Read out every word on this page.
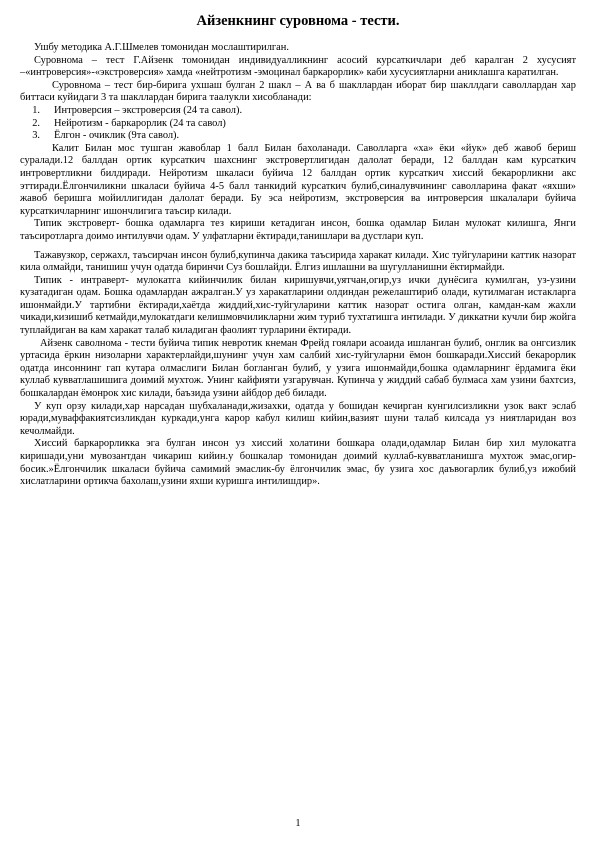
Айзенкнинг суровнома - тести.

Ушбу методика А.Г.Шмелев томонидан мослаштирилган.

Суровнома – тест Г.Айзенк томонидан индивидуалликнинг асосий курсаткичлари деб каралган 2 хусусият –«интроверсия»-«экстроверсия» хамда «нейтротизм -эмоцинал баркарорлик» каби хусусиятларни аниклашга каратилган.

Суровнома – тест бир-бирига ухшаш булган 2 шакл – А ва б шакллардан иборат бир шакллдаги саволлардан хар биттаси куйидаги 3 та шакллардан бирига таалукли хисобланади:

1.	Интроверсия – экстроверсия (24 та савол).
2.	Нейротизм - баркарорлик (24 та савол)
3.	Ёлгон - очиклик (9та савол).

Калит Билан мос тушган жавоблар 1 балл Билан бахоланади. Саволларга «ха» ёки «йук» деб жавоб бериш суралади.12 баллдан ортик курсаткич шахснинг экстровертлигидан далолат беради, 12 баллдан кам курсаткич интровертликни билдиради. Нейротизм шкаласи буйича 12 баллдан ортик курсаткич хиссий бекарорликни акс эттиради.Ёлгончиликни шкаласи буйича 4-5 балл танкидий курсаткич булиб,синалувчининг саволларина факат «яхши» жавоб беришга мойиллигидан далолат беради. Бу эса нейротизм, экстроверсия ва интроверсия шкалалари буйича курсаткичларнинг ишончлигига таъсир килади.

Типик экстроверт- бошка одамларга тез кириши кетадиган инсон, бошка одамлар Билан мулокат килишга, Янги таъсиротларга доимо интилувчи одам. У улфатларни ёктиради,танишлари ва дустлари куп.

Тажавузкор, сержахл, таъсирчан инсон булиб,купинча дакика таъсирида харакат килади. Хис туйгуларини каттик назорат кила олмайди, танишиш учун одатда биринчи Суз бошлайди. Ёлгиз ишлашни ва шугулланишни ёктирмайди.

Типик - интраверт- мулокатга кийинчилик билан киришувчи,уятчан,огир,уз ички дунёсига кумилган, уз-узини кузатадиган одам. Бошка одамлардан ажралган.У уз харакатларини олдиндан режелаштириб олади, кутилмаган истакларга ишонмайди.У тартибни ёктиради,хаётда жиддий,хис-туйгуларини каттик назорат остига олган, камдан-кам жахли чикади,кизишиб кетмайди,мулокатдаги келишмовчиликларни жим туриб тухтатишга интилади. У диккатни кучли бир жойга туплайдиган ва кам харакат талаб киладиган фаолият турларини ёктиради.

Айзенк саволнома - тести буйича типик невротик кнеман Фрейд гоялари асоаида ишланган булиб, онглик ва онгсизлик уртасида ёркин низоларни характерлайди,шунинг учун хам салбий хис-туйгуларни ёмон бошкаради.Хиссий бекарорлик одатда инсоннинг гап кутара олмаслиги Билан богланган булиб, у узига ишонмайди,бошка одамларнинг ёрдамига ёки куллаб кувватлашишига доимий мухтож. Унинг кайфияти узгарувчан. Купинча у жиддий сабаб булмаса хам узини бахтсиз, бошкалардан ёмонрок хис килади, баъзида узини айбдор деб билади.

У куп орзу килади,хар нарсадан шубхаланади,жизахки, одатда у бошидан кечирган кунгилсизликни узок вакт эслаб юради,муваффакиятсизликдан куркади,унга карор кабул килиш кийин,вазият шуни талаб килсада уз ниятларидан воз кечолмайди.

Хиссий баркарорликка эга булган инсон уз хиссий холатини бошкара олади,одамлар Билан бир хил мулокатга киришади,уни мувозантдан чикариш кийин.у бошкалар томонидан доимий куллаб-кувватланишга мухтож эмас,огир-босик.»Ёлгончилик шкаласи буйича самимий эмаслик-бу ёлгончилик эмас, бу узига хос даъвогарлик булиб,уз ижобий хислатларини ортикча бахолаш,узини яхши куришга интилишдир».

1
